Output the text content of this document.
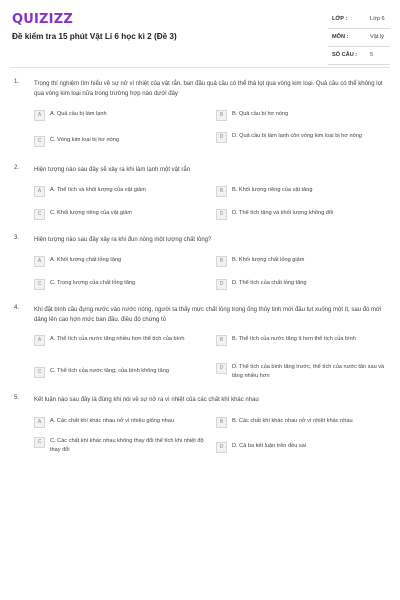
QUIZIZZ
Đề kiểm tra 15 phút Vật Lí 6 học kì 2 (Đề 3)
LỚP :	Lớp 6
MÔN :	Vật lý
SỐ CÂU : 5
1. Trong thí nghiệm tìm hiểu về sự nở vì nhiệt của vật rắn, ban đầu quả cầu có thể thả lọt qua vòng kim loại. Quả cầu có thể không lọt qua vòng kim loại nữa trong trường hợp nào dưới đây
A	A. Quả cầu bị làm lạnh	B	B. Quả cầu bị hơ nóng
C	C. Vòng kim loại bị hơ nóng	D	D. Quả cầu bị làm lạnh còn vòng kim loại bị hơ nóng
2. Hiện tượng nào sau đây sẽ xảy ra khi làm lạnh một vật rắn
A	A. Thể tích và khối lượng của vật giảm	B	B. Khối lượng riêng của vật tăng
C	C. Khối lượng riêng của vật giảm	D	D. Thể tích tăng và khối lượng không đổi
3. Hiện tượng nào sau đây xảy ra khi đun nóng một lượng chất lỏng?
A	A. Khối lượng chất lỏng tăng	B	B. Khối lượng chất lỏng giảm
C	C. Trọng lượng của chất lỏng tăng	D	D. Thể tích của chất lỏng tăng
4. Khi đặt bình cầu đựng nước vào nước nóng, người ta thấy mực chất lỏng trong ống thủy tinh mới đầu tụt xuống một ít, sau đó mới dâng lên cao hơn mức ban đầu. điều đó chứng tỏ
A	A. Thể tích của nước tăng nhiều hơn thể tích của bình	B	B. Thể tích của nước tăng ít hơn thể tích của bình
C	C. Thể tích của nước tăng, của bình không tăng	D	D. Thể tích của bình tăng trước, thể tích của nước tăn sau và tăng nhiều hơn
5. Kết luận nào sau đây là đúng khi nói về sự nở ra vì nhiệt của các chất khí khác nhau
A	A. Các chất khí khác nhau nở vì nhiệu giống nhau	B	B. Các chất khí khác nhau nở vì nhiệt khác nhau
C	C. Các chất khí khác nhau không thay đổi thể tích khi nhiệt độ thay đổi	D	D. Cả ba kết luận trên đều sai
